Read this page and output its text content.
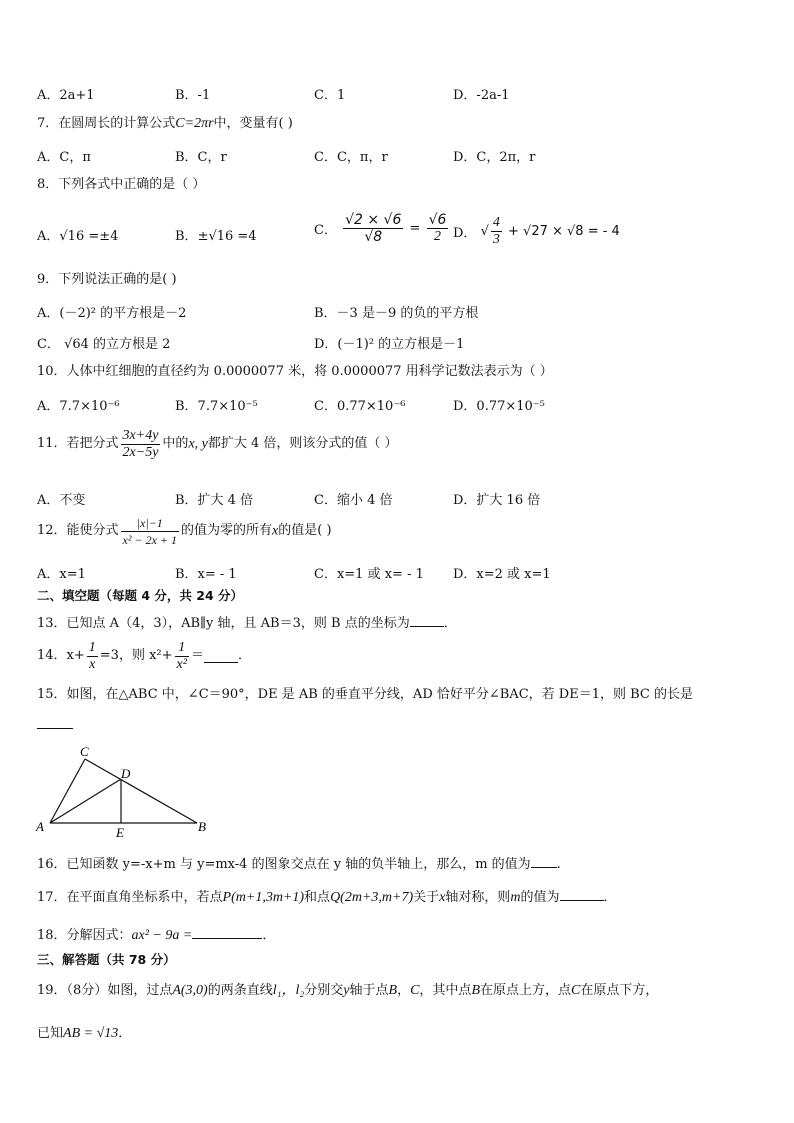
A．2a+1	B．-1	C．1	D．-2a-1
7．在圆周长的计算公式C=2πr中，变量有( )
A．C，π	B．C，r	C．C，π，r	D．C，2π，r
8．下列各式中正确的是（ ）
A．√16 =±4	B．±√16 =4	C． $\frac{√2 \times √6}{√8} = \frac{√6}{2}$ D． √ $\frac{4}{3} + √27 \times √8$ = - 4
9．下列说法正确的是( )
A．(－2)² 的平方根是－2	B．－3 是－9 的负的平方根
C． √64 的立方根是 2	D．(－1)² 的立方根是－1
10．人体中红细胞的直径约为 0.0000077 米，将 0.0000077 用科学记数法表示为（ ）
A．7.7×10⁻⁶	B．7.7×10⁻⁵	C．0.77×10⁻⁶	D．0.77×10⁻⁵
11．若把分式 $\frac{3x+4y}{2x-5y}$ 中的x, y都扩大 4 倍，则该分式的值（ ）
A．不变	B．扩大 4 倍	C．缩小 4 倍	D．扩大 16 倍
12．能使分式 $\frac{|x|-1}{\text{x² − 2x + 1}}$ 的值为零的所有x的值是( )
A．x=1	B．x= - 1	C．x=1 或 x= - 1 D．x=2 或 x=1
二、填空题（每题 4 分，共 24 分）
13．已知点 A（4，3），AB∥y 轴，且 AB＝3，则 B 点的坐标为	．
14．$x+ \frac{1}{x} =3$，则 $x^2+ \frac{1}{\text{x²}}$ ＝	．
15．如图，在△ABC 中，∠C＝90°，DE 是 AB 的垂直平分线，AD 恰好平分∠BAC，若 DE＝1，则 BC 的长是
C
D
A	E	B
16．已知函数 y=-x+m 与 y=mx-4 的图象交点在 y 轴的负半轴上，那么，m 的值为 .
17．在平面直角坐标系中，若点P(m+1,3m+1)和点Q(2m+3,m+7)关于x轴对称，则m的值为	．
18．分解因式：ax² − 9a =	．
三、解答题（共 78 分）
19．（8分）如图，过点A(3,0)的两条直线l₁，l₂分别交y轴于点B，C，其中点B在原点上方，点C在原点下方，
已知AB = √13．
